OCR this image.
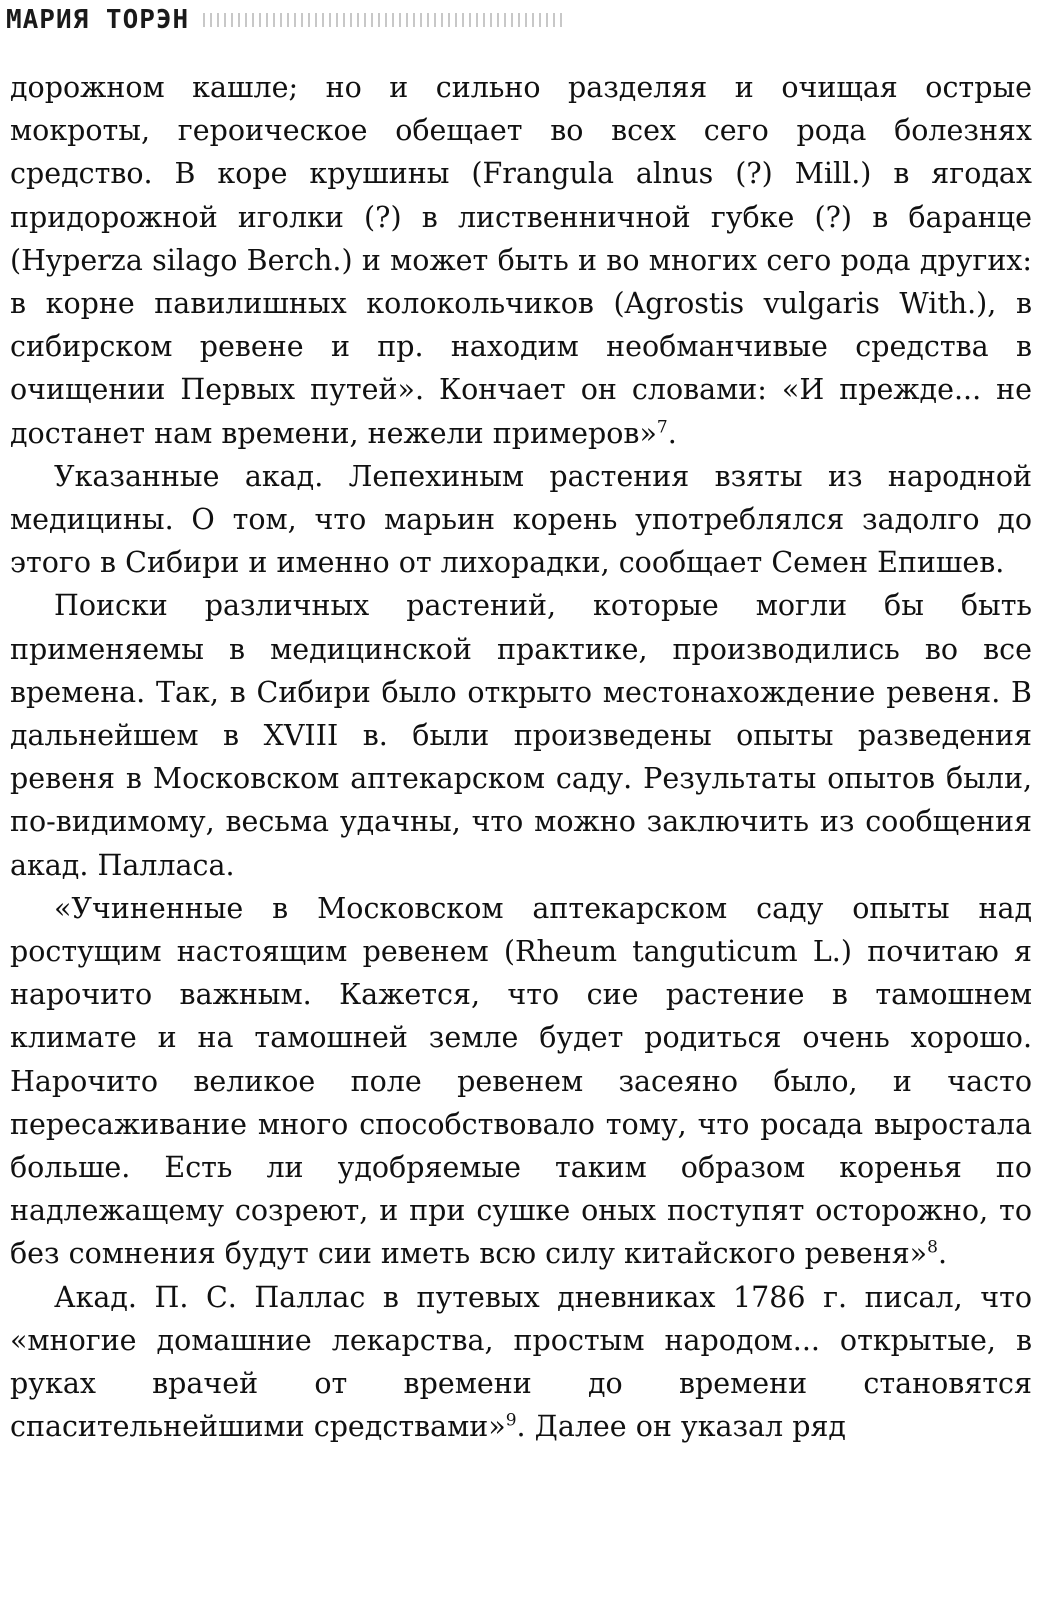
МАРИЯ ТОРЭН

дорожном кашле; но и сильно разделяя и очищая острые мокроты, героическое обещает во всех сего рода болезнях средство. В коре крушины (Frangula alnus (?) Mill.) в ягодах придорожной иголки (?) в лиственничной губке (?) в баранце (Hyperza silago Berch.) и может быть и во многих сего рода других: в корне павилишных колокольчиков (Agrostis vulgaris With.), в сибирском ревене и пр. находим необманчивые средства в очищении Первых путей». Кончает он словами: «И прежде... не достанет нам времени, нежели примеров»$^7$.

Указанные акад. Лепехиным растения взяты из народной медицины. О том, что марьин корень употреблялся задолго до этого в Сибири и именно от лихорадки, сообщает Семен Епишев.

Поиски различных растений, которые могли бы быть применяемы в медицинской практике, производились во все времена. Так, в Сибири было открыто местонахождение ревеня. В дальнейшем в XVIII в. были произведены опыты разведения ревеня в Московском аптекарском саду. Результаты опытов были, по-видимому, весьма удачны, что можно заключить из сообщения акад. Палласа.

«Учиненные в Московском аптекарском саду опыты над ростущим настоящим ревенем (Rheum tanguticum L.) почитаю я нарочито важным. Кажется, что сие растение в тамошнем климате и на тамошней земле будет родиться очень хорошо. Нарочито великое поле ревенем засеяно было, и часто пересаживание много способствовало тому, что росада выростала больше. Есть ли удобряемые таким образом коренья по надлежащему созреют, и при сушке оных поступят осторожно, то без сомнения будут сии иметь всю силу китайского ревеня»$^8$.

Акад. П. С. Паллас в путевых дневниках 1786 г. писал, что «многие домашние лекарства, простым народом... открытые, в руках врачей от времени до времени становятся спасительнейшими средствами»$^9$. Далее он указал ряд
